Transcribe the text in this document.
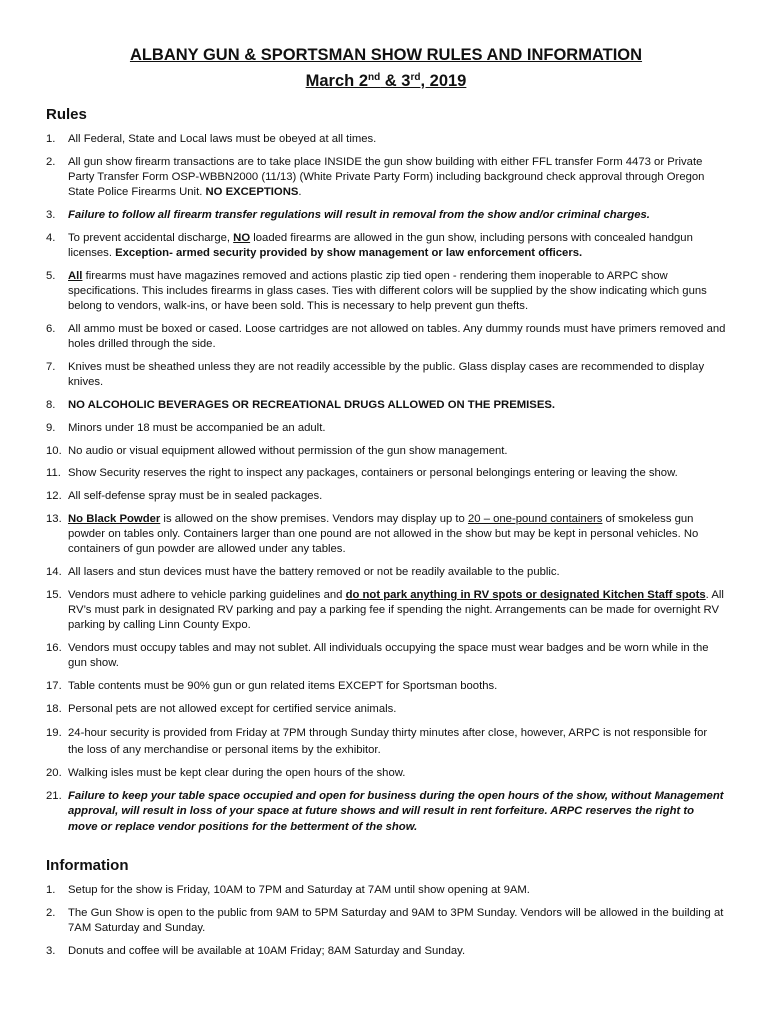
ALBANY GUN & SPORTSMAN SHOW RULES AND INFORMATION

March 2nd & 3rd, 2019

Rules
1. All Federal, State and Local laws must be obeyed at all times.
2. All gun show firearm transactions are to take place INSIDE the gun show building with either FFL transfer Form 4473 or Private Party Transfer Form OSP-WBBN2000 (11/13) (White Private Party Form) including background check approval through Oregon State Police Firearms Unit. NO EXCEPTIONS.
3. Failure to follow all firearm transfer regulations will result in removal from the show and/or criminal charges.
4. To prevent accidental discharge, NO loaded firearms are allowed in the gun show, including persons with concealed handgun licenses. Exception- armed security provided by show management or law enforcement officers.
5. All firearms must have magazines removed and actions plastic zip tied open - rendering them inoperable to ARPC show specifications. This includes firearms in glass cases. Ties with different colors will be supplied by the show indicating which guns belong to vendors, walk-ins, or have been sold. This is necessary to help prevent gun thefts.
6. All ammo must be boxed or cased. Loose cartridges are not allowed on tables. Any dummy rounds must have primers removed and holes drilled through the side.
7. Knives must be sheathed unless they are not readily accessible by the public. Glass display cases are recommended to display knives.
8. NO ALCOHOLIC BEVERAGES OR RECREATIONAL DRUGS ALLOWED ON THE PREMISES.
9. Minors under 18 must be accompanied be an adult.
10. No audio or visual equipment allowed without permission of the gun show management.
11. Show Security reserves the right to inspect any packages, containers or personal belongings entering or leaving the show.
12. All self-defense spray must be in sealed packages.
13. No Black Powder is allowed on the show premises. Vendors may display up to 20 – one-pound containers of smokeless gun powder on tables only. Containers larger than one pound are not allowed in the show but may be kept in personal vehicles. No containers of gun powder are allowed under any tables.
14. All lasers and stun devices must have the battery removed or not be readily available to the public.
15. Vendors must adhere to vehicle parking guidelines and do not park anything in RV spots or designated Kitchen Staff spots. All RV’s must park in designated RV parking and pay a parking fee if spending the night. Arrangements can be made for overnight RV parking by calling Linn County Expo.
16. Vendors must occupy tables and may not sublet. All individuals occupying the space must wear badges and be worn while in the gun show.
17. Table contents must be 90% gun or gun related items EXCEPT for Sportsman booths.
18. Personal pets are not allowed except for certified service animals.
19. 24-hour security is provided from Friday at 7PM through Sunday thirty minutes after close, however, ARPC is not responsible for the loss of any merchandise or personal items by the exhibitor.
20. Walking isles must be kept clear during the open hours of the show.
21. Failure to keep your table space occupied and open for business during the open hours of the show, without Management approval, will result in loss of your space at future shows and will result in rent forfeiture. ARPC reserves the right to move or replace vendor positions for the betterment of the show.
Information
1. Setup for the show is Friday, 10AM to 7PM and Saturday at 7AM until show opening at 9AM.
2. The Gun Show is open to the public from 9AM to 5PM Saturday and 9AM to 3PM Sunday. Vendors will be allowed in the building at 7AM Saturday and Sunday.
3. Donuts and coffee will be available at 10AM Friday; 8AM Saturday and Sunday.
